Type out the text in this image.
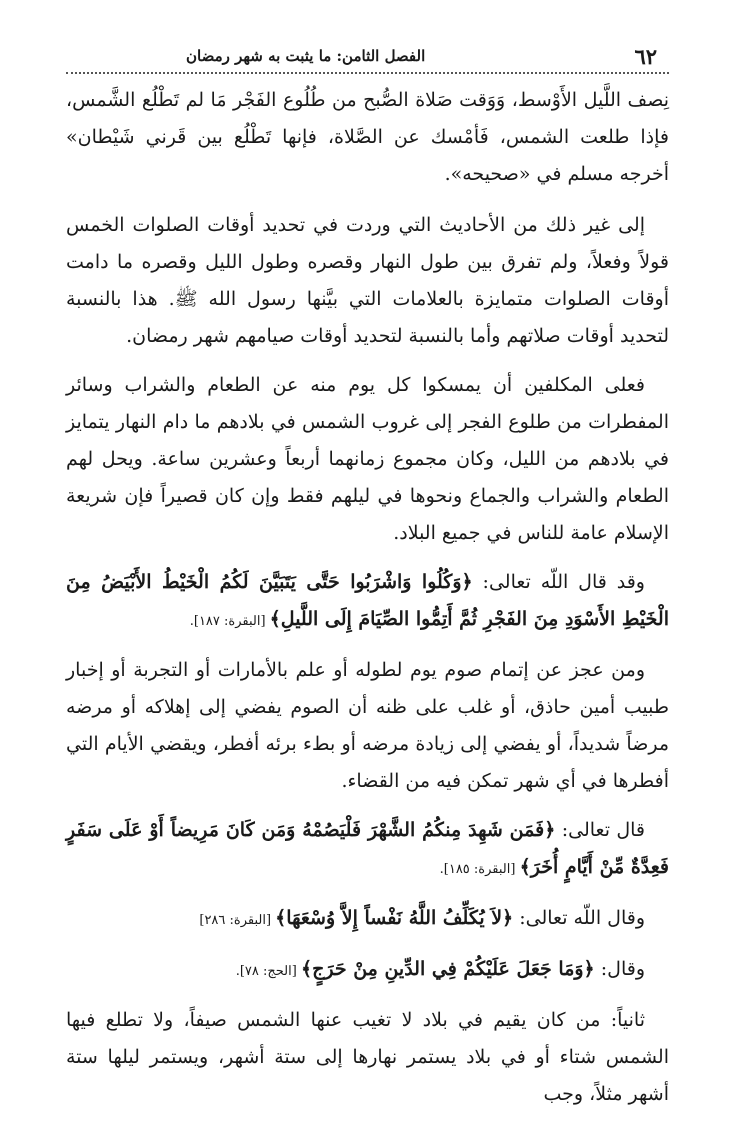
٦٢
الفصل الثامن: ما يثبت به شهر رمضان

نِصف اللَّيل الأَوْسط، وَوَقت صَلاة الصُّبح من طُلُوع الفَجْر مَا لم تَطْلُع الشَّمس، فإذا طلعت الشمس، فَأمْسك عن الصَّلاة، فإنها تَطْلُع بين قَرني شَيْطان» أخرجه مسلم في «صحيحه».

إلى غير ذلك من الأحاديث التي وردت في تحديد أوقات الصلوات الخمس قولاً وفعلاً، ولم تفرق بين طول النهار وقصره وطول الليل وقصره ما دامت أوقات الصلوات متمايزة بالعلامات التي بيَّنها رسول الله ﷺ. هذا بالنسبة لتحديد أوقات صلاتهم وأما بالنسبة لتحديد أوقات صيامهم شهر رمضان.

فعلى المكلفين أن يمسكوا كل يوم منه عن الطعام والشراب وسائر المفطرات من طلوع الفجر إلى غروب الشمس في بلادهم ما دام النهار يتمايز في بلادهم من الليل، وكان مجموع زمانهما أربعاً وعشرين ساعة. ويحل لهم الطعام والشراب والجماع ونحوها في ليلهم فقط وإن كان قصيراً فإن شريعة الإسلام عامة للناس في جميع البلاد.

وقد قال اللّه تعالى: ﴿وَكُلُوا وَاشْرَبُوا حَتَّى يَتَبَيَّنَ لَكُمُ الْخَيْطُ الأَبْيَضُ مِنَ الْخَيْطِ الأَسْوَدِ مِنَ الفَجْرِ ثُمَّ أَتِمُّوا الصِّيَامَ إِلَى اللَّيلِ﴾ [البقرة: ١٨٧].

ومن عجز عن إتمام صوم يوم لطوله أو علم بالأمارات أو التجربة أو إخبار طبيب أمين حاذق، أو غلب على ظنه أن الصوم يفضي إلى إهلاكه أو مرضه مرضاً شديداً، أو يفضي إلى زيادة مرضه أو بطء برئه أفطر، ويقضي الأيام التي أفطرها في أي شهر تمكن فيه من القضاء.

قال تعالى: ﴿فَمَن شَهِدَ مِنكُمُ الشَّهْرَ فَلْيَصُمْهُ وَمَن كَانَ مَرِيضاً أَوْ عَلَى سَفَرٍ فَعِدَّةٌ مِّنْ أَيَّامٍ أُخَرَ﴾ [البقرة: ١٨٥].

وقال اللّه تعالى: ﴿لاَ يُكَلِّفُ اللَّهُ نَفْساً إِلاَّ وُسْعَهَا﴾ [البقرة: ٢٨٦]

وقال: ﴿وَمَا جَعَلَ عَلَيْكُمْ فِي الدِّينِ مِنْ حَرَجٍ﴾ [الحج: ٧٨].

ثانياً: من كان يقيم في بلاد لا تغيب عنها الشمس صيفاً، ولا تطلع فيها الشمس شتاء أو في بلاد يستمر نهارها إلى ستة أشهر، ويستمر ليلها ستة أشهر مثلاً، وجب
